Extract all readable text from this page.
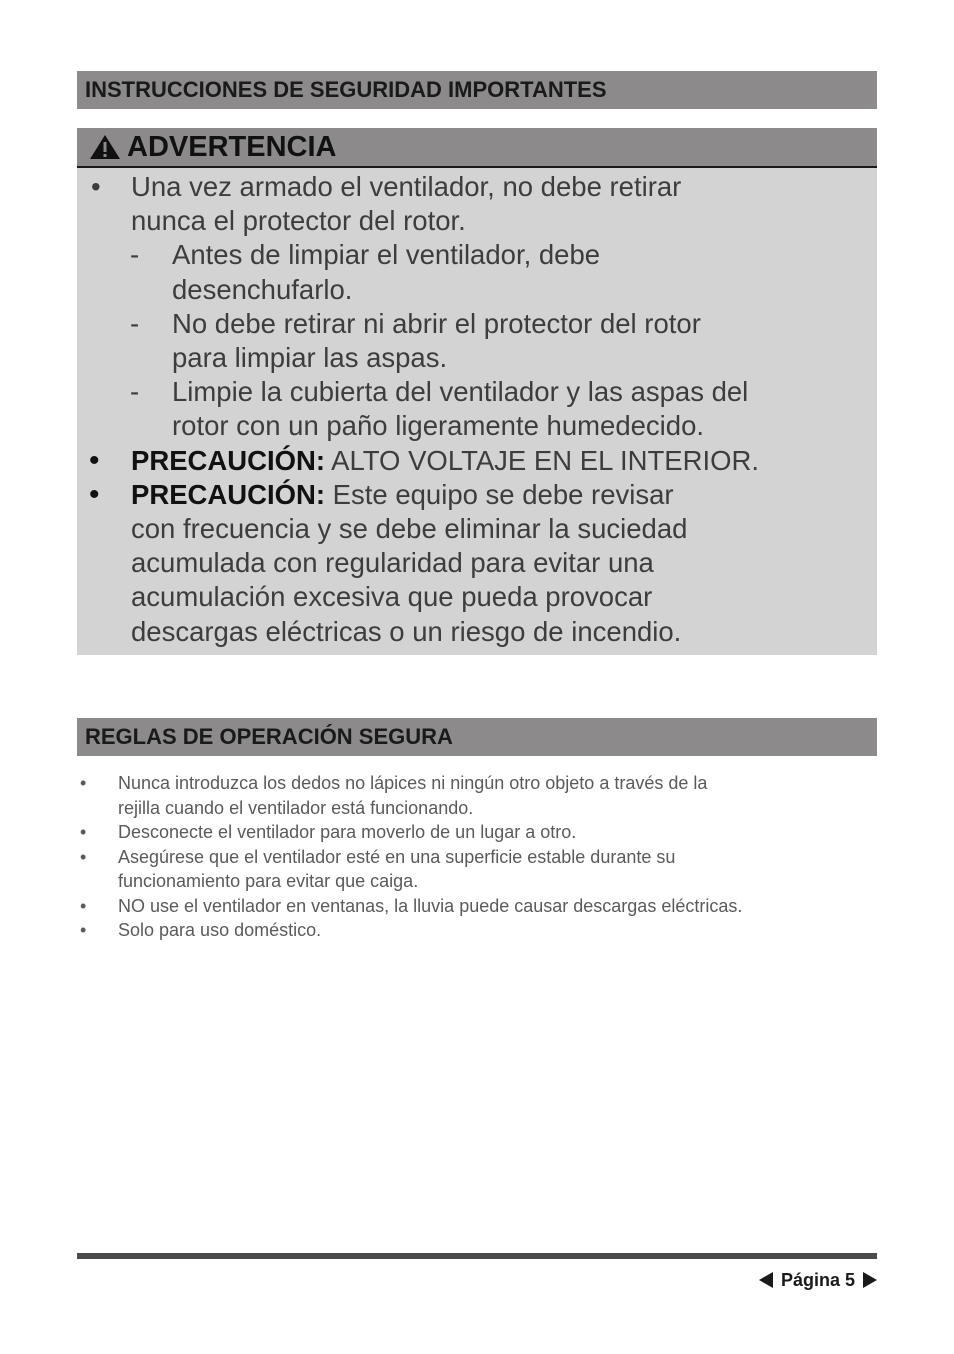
INSTRUCCIONES DE SEGURIDAD IMPORTANTES
ADVERTENCIA
• Una vez armado el ventilador, no debe retirar
nunca el protector del rotor.
- Antes de limpiar el ventilador, debe
desenchufarlo.
- No debe retirar ni abrir el protector del rotor
para limpiar las aspas.
- Limpie la cubierta del ventilador y las aspas del
rotor con un paño ligeramente humedecido.
• PRECAUCIÓN: ALTO VOLTAJE EN EL INTERIOR.
• PRECAUCIÓN: Este equipo se debe revisar
con frecuencia y se debe eliminar la suciedad
acumulada con regularidad para evitar una
acumulación excesiva que pueda provocar
descargas eléctricas o un riesgo de incendio.
REGLAS DE OPERACIÓN SEGURA
• Nunca introduzca los dedos no lápices ni ningún otro objeto a través de la
rejilla cuando el ventilador está funcionando.
• Desconecte el ventilador para moverlo de un lugar a otro.
• Asegúrese que el ventilador esté en una superficie estable durante su
funcionamiento para evitar que caiga.
• NO use el ventilador en ventanas, la lluvia puede causar descargas eléctricas.
• Solo para uso doméstico.
Página 5
